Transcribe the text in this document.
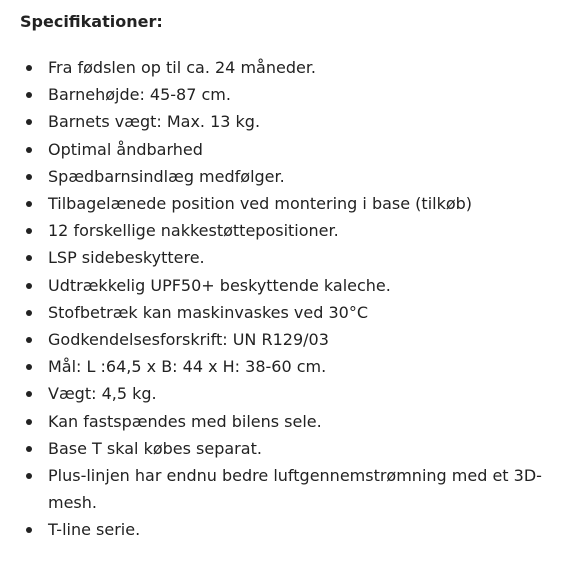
Specifikationer:
Fra fødslen op til ca. 24 måneder.
Barnehøjde: 45-87 cm.
Barnets vægt: Max. 13 kg.
Optimal åndbarhed
Spædbarnsindlæg medfølger.
Tilbagelænede position ved montering i base (tilkøb)
12 forskellige nakkestøttepositioner.
LSP sidebeskyttere.
Udtrækkelig UPF50+ beskyttende kaleche.
Stofbetræk kan maskinvaskes ved 30°C
Godkendelsesforskrift: UN R129/03
Mål: L :64,5 x B: 44 x H: 38-60 cm.
Vægt: 4,5 kg.
Kan fastspændes med bilens sele.
Base T skal købes separat.
Plus-linjen har endnu bedre luftgennemstrømning med et 3D-mesh.
T-line serie.
